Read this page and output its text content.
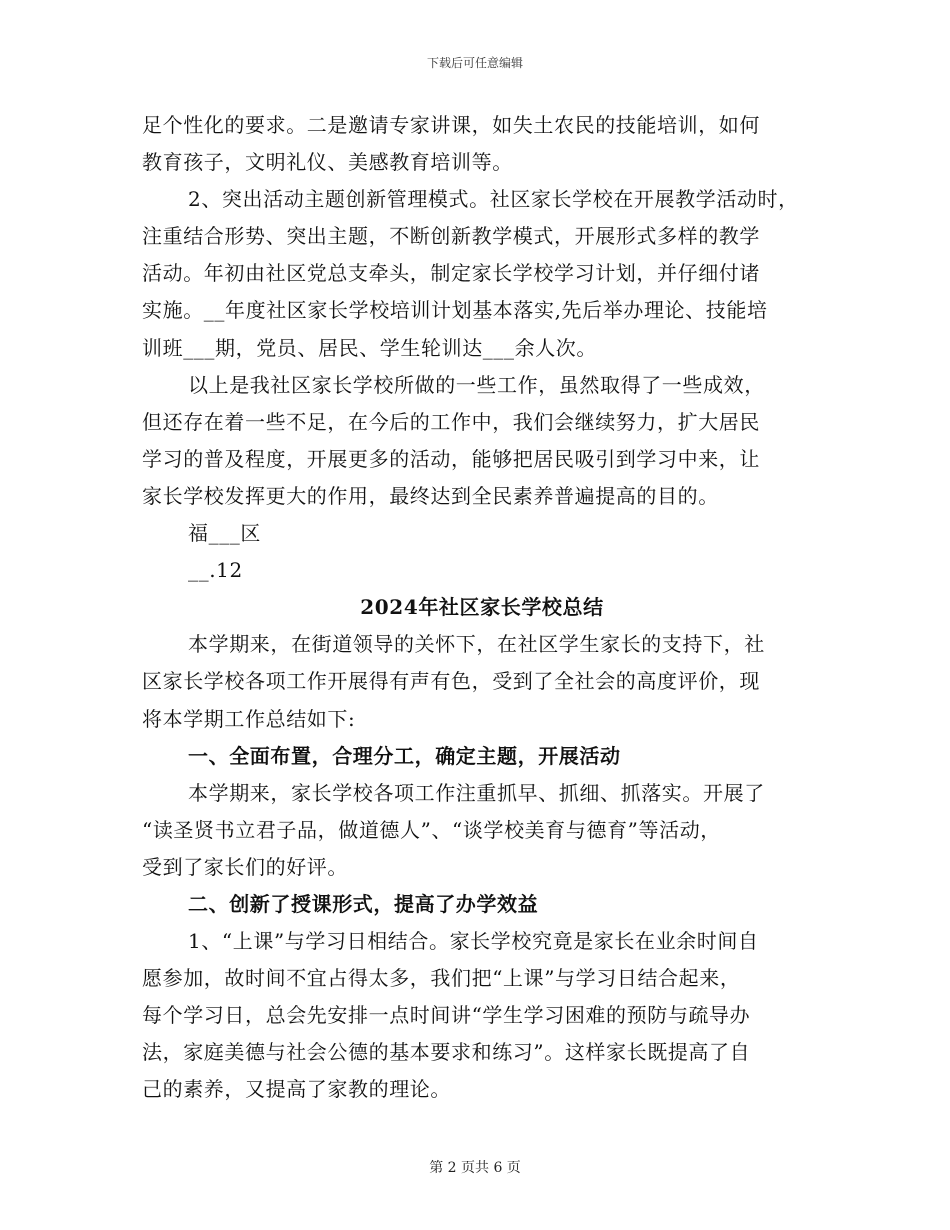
下载后可任意编辑
足个性化的要求。二是邀请专家讲课，如失土农民的技能培训，如何
教育孩子，文明礼仪、美感教育培训等。
2、突出活动主题创新管理模式。社区家长学校在开展教学活动时，
注重结合形势、突出主题，不断创新教学模式，开展形式多样的教学
活动。年初由社区党总支牵头，制定家长学校学习计划，并仔细付诸
实施。__年度社区家长学校培训计划基本落实,先后举办理论、技能培
训班___期，党员、居民、学生轮训达___余人次。
以上是我社区家长学校所做的一些工作，虽然取得了一些成效，
但还存在着一些不足，在今后的工作中，我们会继续努力，扩大居民
学习的普及程度，开展更多的活动，能够把居民吸引到学习中来，让
家长学校发挥更大的作用，最终达到全民素养普遍提高的目的。
福___区
__.12
2024年社区家长学校总结
本学期来，在街道领导的关怀下，在社区学生家长的支持下，社
区家长学校各项工作开展得有声有色，受到了全社会的高度评价，现
将本学期工作总结如下:
一、全面布置，合理分工，确定主题，开展活动
本学期来，家长学校各项工作注重抓早、抓细、抓落实。开展了
“读圣贤书立君子品，做道德人”、“谈学校美育与德育”等活动，
受到了家长们的好评。
二、创新了授课形式，提高了办学效益
1、“上课”与学习日相结合。家长学校究竟是家长在业余时间自
愿参加，故时间不宜占得太多，我们把“上课”与学习日结合起来，
每个学习日，总会先安排一点时间讲“学生学习困难的预防与疏导办
法，家庭美德与社会公德的基本要求和练习”。这样家长既提高了自
己的素养，又提高了家教的理论。
第 2 页共 6 页
